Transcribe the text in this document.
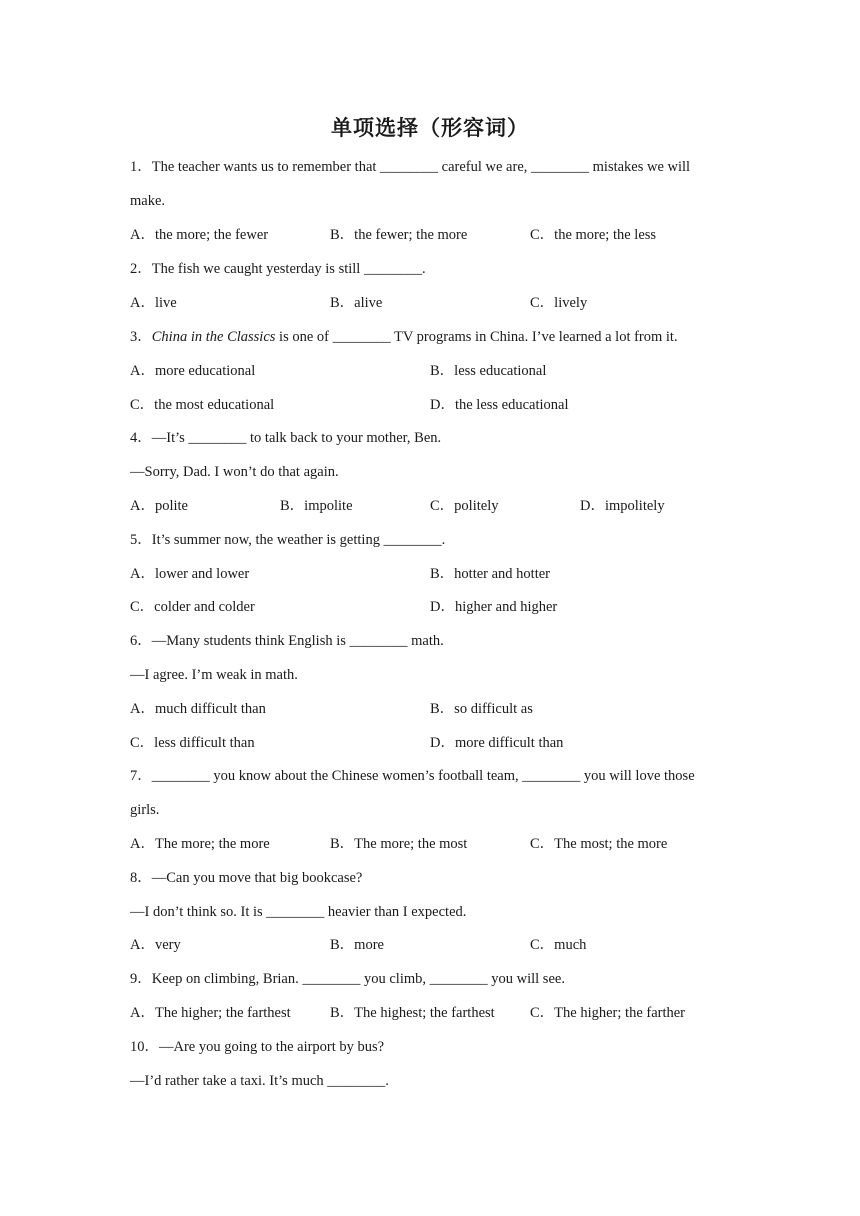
单项选择（形容词）
1．The teacher wants us to remember that ________ careful we are, ________ mistakes we will
make.
A．the more; the fewer	B．the fewer; the more	C．the more; the less
2．The fish we caught yesterday is still ________.
A．live	B．alive	C．lively
3．China in the Classics is one of ________ TV programs in China. I’ve learned a lot from it.
A．more educational	B．less educational
C．the most educational	D．the less educational
4．—It’s ________ to talk back to your mother, Ben.
—Sorry, Dad. I won’t do that again.
A．polite	B．impolite	C．politely	D．impolitely
5．It’s summer now, the weather is getting ________.
A．lower and lower	B．hotter and hotter
C．colder and colder	D．higher and higher
6．—Many students think English is ________ math.
—I agree. I’m weak in math.
A．much difficult than	B．so difficult as
C．less difficult than	D．more difficult than
7．________ you know about the Chinese women’s football team, ________ you will love those
girls.
A．The more; the more	B．The more; the most	C．The most; the more
8．—Can you move that big bookcase?
—I don’t think so. It is ________ heavier than I expected.
A．very	B．more	C．much
9．Keep on climbing, Brian. ________ you climb, ________ you will see.
A．The higher; the farthest	B．The highest; the farthest C．The higher; the farther
10．—Are you going to the airport by bus?
—I’d rather take a taxi. It’s much ________.
